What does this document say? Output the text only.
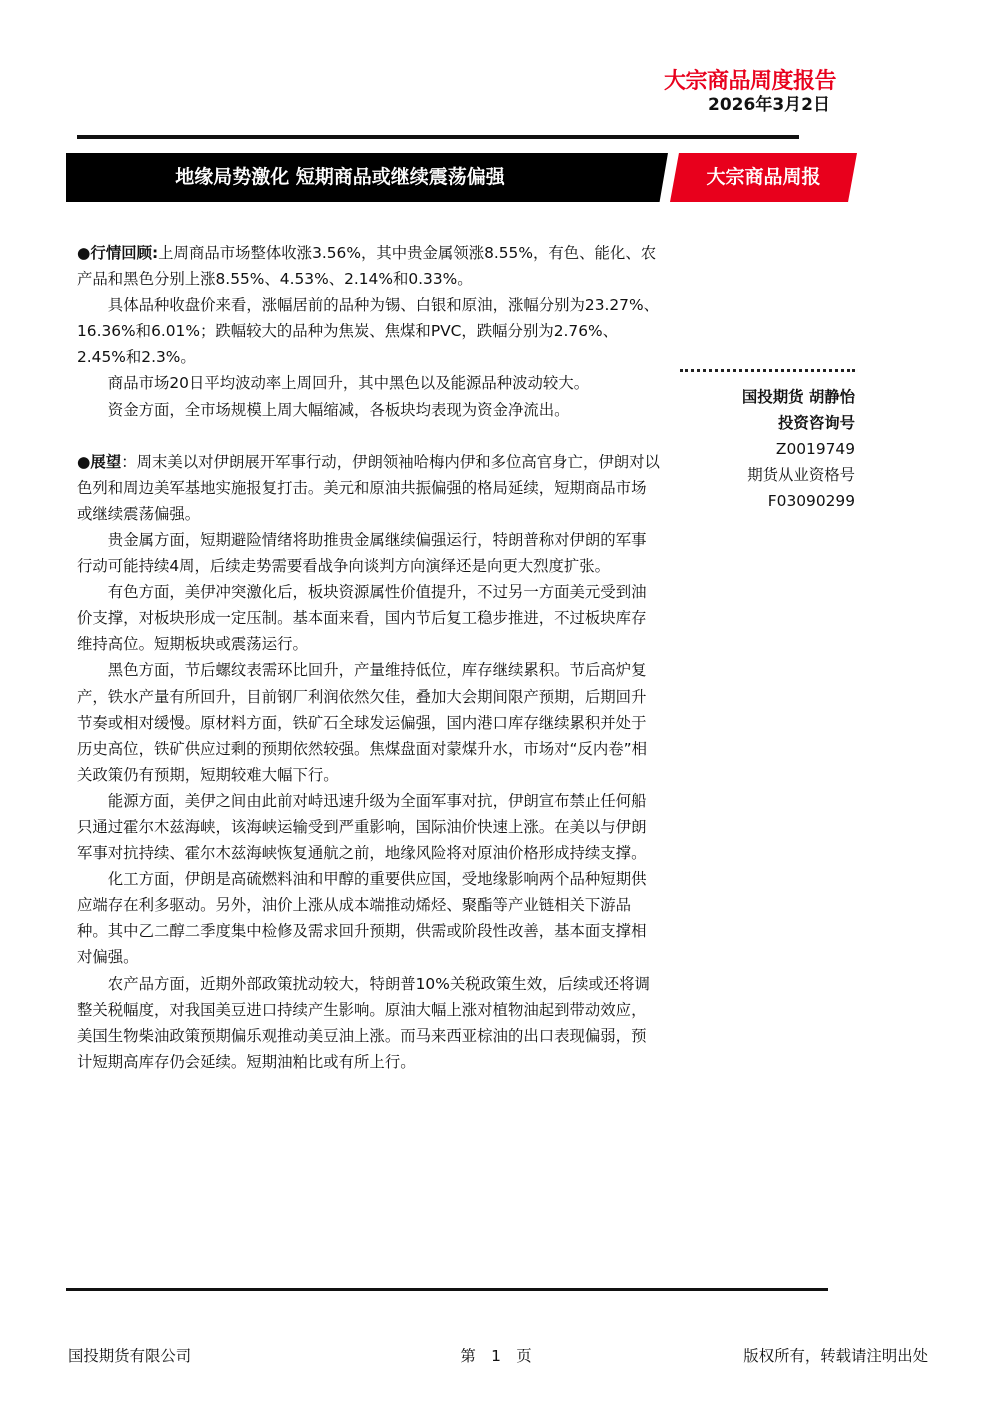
大宗商品周度报告
2026年3月2日
地缘局势激化 短期商品或继续震荡偏强	大宗商品周报

●行情回顾:上周商品市场整体收涨3.56%，其中贵金属领涨8.55%，有色、能化、农产品和黑色分别上涨8.55%、4.53%、2.14%和0.33%。

具体品种收盘价来看，涨幅居前的品种为锡、白银和原油，涨幅分别为23.27%、16.36%和6.01%；跌幅较大的品种为焦炭、焦煤和PVC，跌幅分别为2.76%、2.45%和2.3%。

商品市场20日平均波动率上周回升，其中黑色以及能源品种波动较大。

资金方面，全市场规模上周大幅缩减，各板块均表现为资金净流出。

●展望：周末美以对伊朗展开军事行动，伊朗领袖哈梅内伊和多位高官身亡，伊朗对以色列和周边美军基地实施报复打击。美元和原油共振偏强的格局延续，短期商品市场或继续震荡偏强。

贵金属方面，短期避险情绪将助推贵金属继续偏强运行，特朗普称对伊朗的军事行动可能持续4周，后续走势需要看战争向谈判方向演绎还是向更大烈度扩张。

有色方面，美伊冲突激化后，板块资源属性价值提升，不过另一方面美元受到油价支撑，对板块形成一定压制。基本面来看，国内节后复工稳步推进，不过板块库存维持高位。短期板块或震荡运行。

黑色方面，节后螺纹表需环比回升，产量维持低位，库存继续累积。节后高炉复产，铁水产量有所回升，目前钢厂利润依然欠佳，叠加大会期间限产预期，后期回升节奏或相对缓慢。原材料方面，铁矿石全球发运偏强，国内港口库存继续累积并处于历史高位，铁矿供应过剩的预期依然较强。焦煤盘面对蒙煤升水，市场对“反内卷”相关政策仍有预期，短期较难大幅下行。

能源方面，美伊之间由此前对峙迅速升级为全面军事对抗，伊朗宣布禁止任何船只通过霍尔木兹海峡，该海峡运输受到严重影响，国际油价快速上涨。在美以与伊朗军事对抗持续、霍尔木兹海峡恢复通航之前，地缘风险将对原油价格形成持续支撑。

化工方面，伊朗是高硫燃料油和甲醇的重要供应国，受地缘影响两个品种短期供应端存在利多驱动。另外，油价上涨从成本端推动烯烃、聚酯等产业链相关下游品种。其中乙二醇二季度集中检修及需求回升预期，供需或阶段性改善，基本面支撑相对偏强。

农产品方面，近期外部政策扰动较大，特朗普10%关税政策生效，后续或还将调整关税幅度，对我国美豆进口持续产生影响。原油大幅上涨对植物油起到带动效应，美国生物柴油政策预期偏乐观推动美豆油上涨。而马来西亚棕油的出口表现偏弱，预计短期高库存仍会延续。短期油粕比或有所上行。

国投期货 胡静怡
投资咨询号
Z0019749
期货从业资格号
F03090299
国投期货有限公司	第　1　页	版权所有，转载请注明出处
